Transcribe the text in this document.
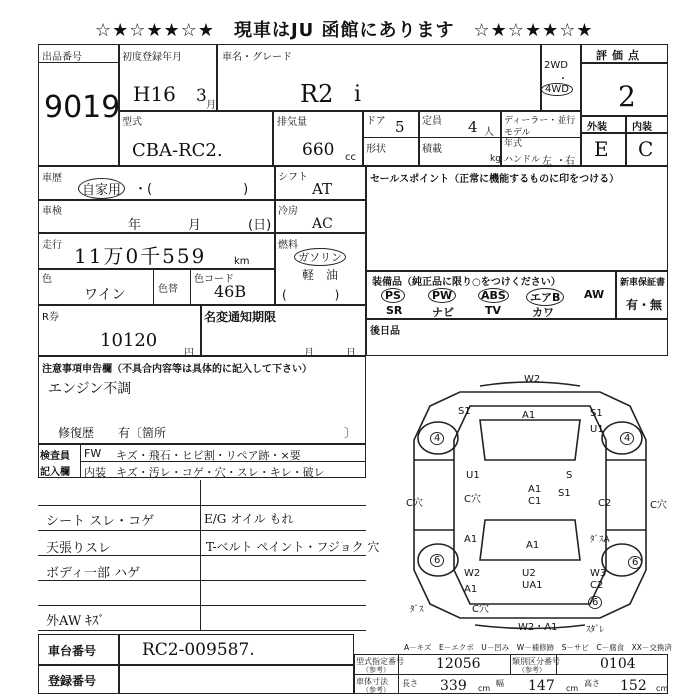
☆★☆★★☆★　現車はJU 函館にあります　☆★☆★★☆★
出品番号
9019
初度登録年月
H16 3 月
車名・グレード
R2 i
2WD
・
4WD
評価点
2
型式
CBA-RC2.
排気量
660 cc
ドア 5 定員 4 人
ディーラー・並行
モデル
年式
外装	内装
E C
形状	積載
kg ハンドル 左 ・ 右
車歴
自家用 ・(　　　　　　　)
シフト
AT
車検
年	月	(日)
冷房
AC
走行 11万0千559	km
燃料
ガソリン
軽　油
(　　　　)
色
ワイン	色替
色コード
46B
R券
10120
円
名変通知期限
月	日
セールスポイント（正常に機能するものに印をつける）
装備品（純正品に限り○をつけください）
PS	PW	ABS	エアB	AW
SR	ナビ	TV	カワ
新車保証書
有・無
後日品
注意事項申告欄（不具合内容等は具体的に記入して下さい）
エンジン不調
修復歴　　有〔箇所	〕
検査員
記入欄
FW キズ・飛石・ヒビ割・リペア跡・×要
内装 キズ・汚レ・コゲ・穴・スレ・キレ・破レ
シート スレ・コゲ
天張りスレ
ボディ一部 ハゲ
E/G オイル もれ
T-ベルト ペイント・フジョク 穴
外AW ｷｽﾞ
W2
A1
S1	S1
U1
4	4
U1
C穴
A1
C1
S1
C穴	C2	C穴
A1
A1	ﾀﾞｽA
6
W2	U2
UA1
W3
C2
6
W2・A1
ﾀﾞｽ
ｽﾀﾞﾚ
A1
C穴
6
S
A－キズ　E－エクボ　U－凹み　W－補修跡　S－サビ　C－腐食　XX－交換済
車台番号	RC2-009587.
登録番号
型式指定番号
（参考）	12056	類別区分番号
（参考）	0104
車体寸法
（参考）
長さ 339 cm
幅 147 cm
高さ 152 cm
